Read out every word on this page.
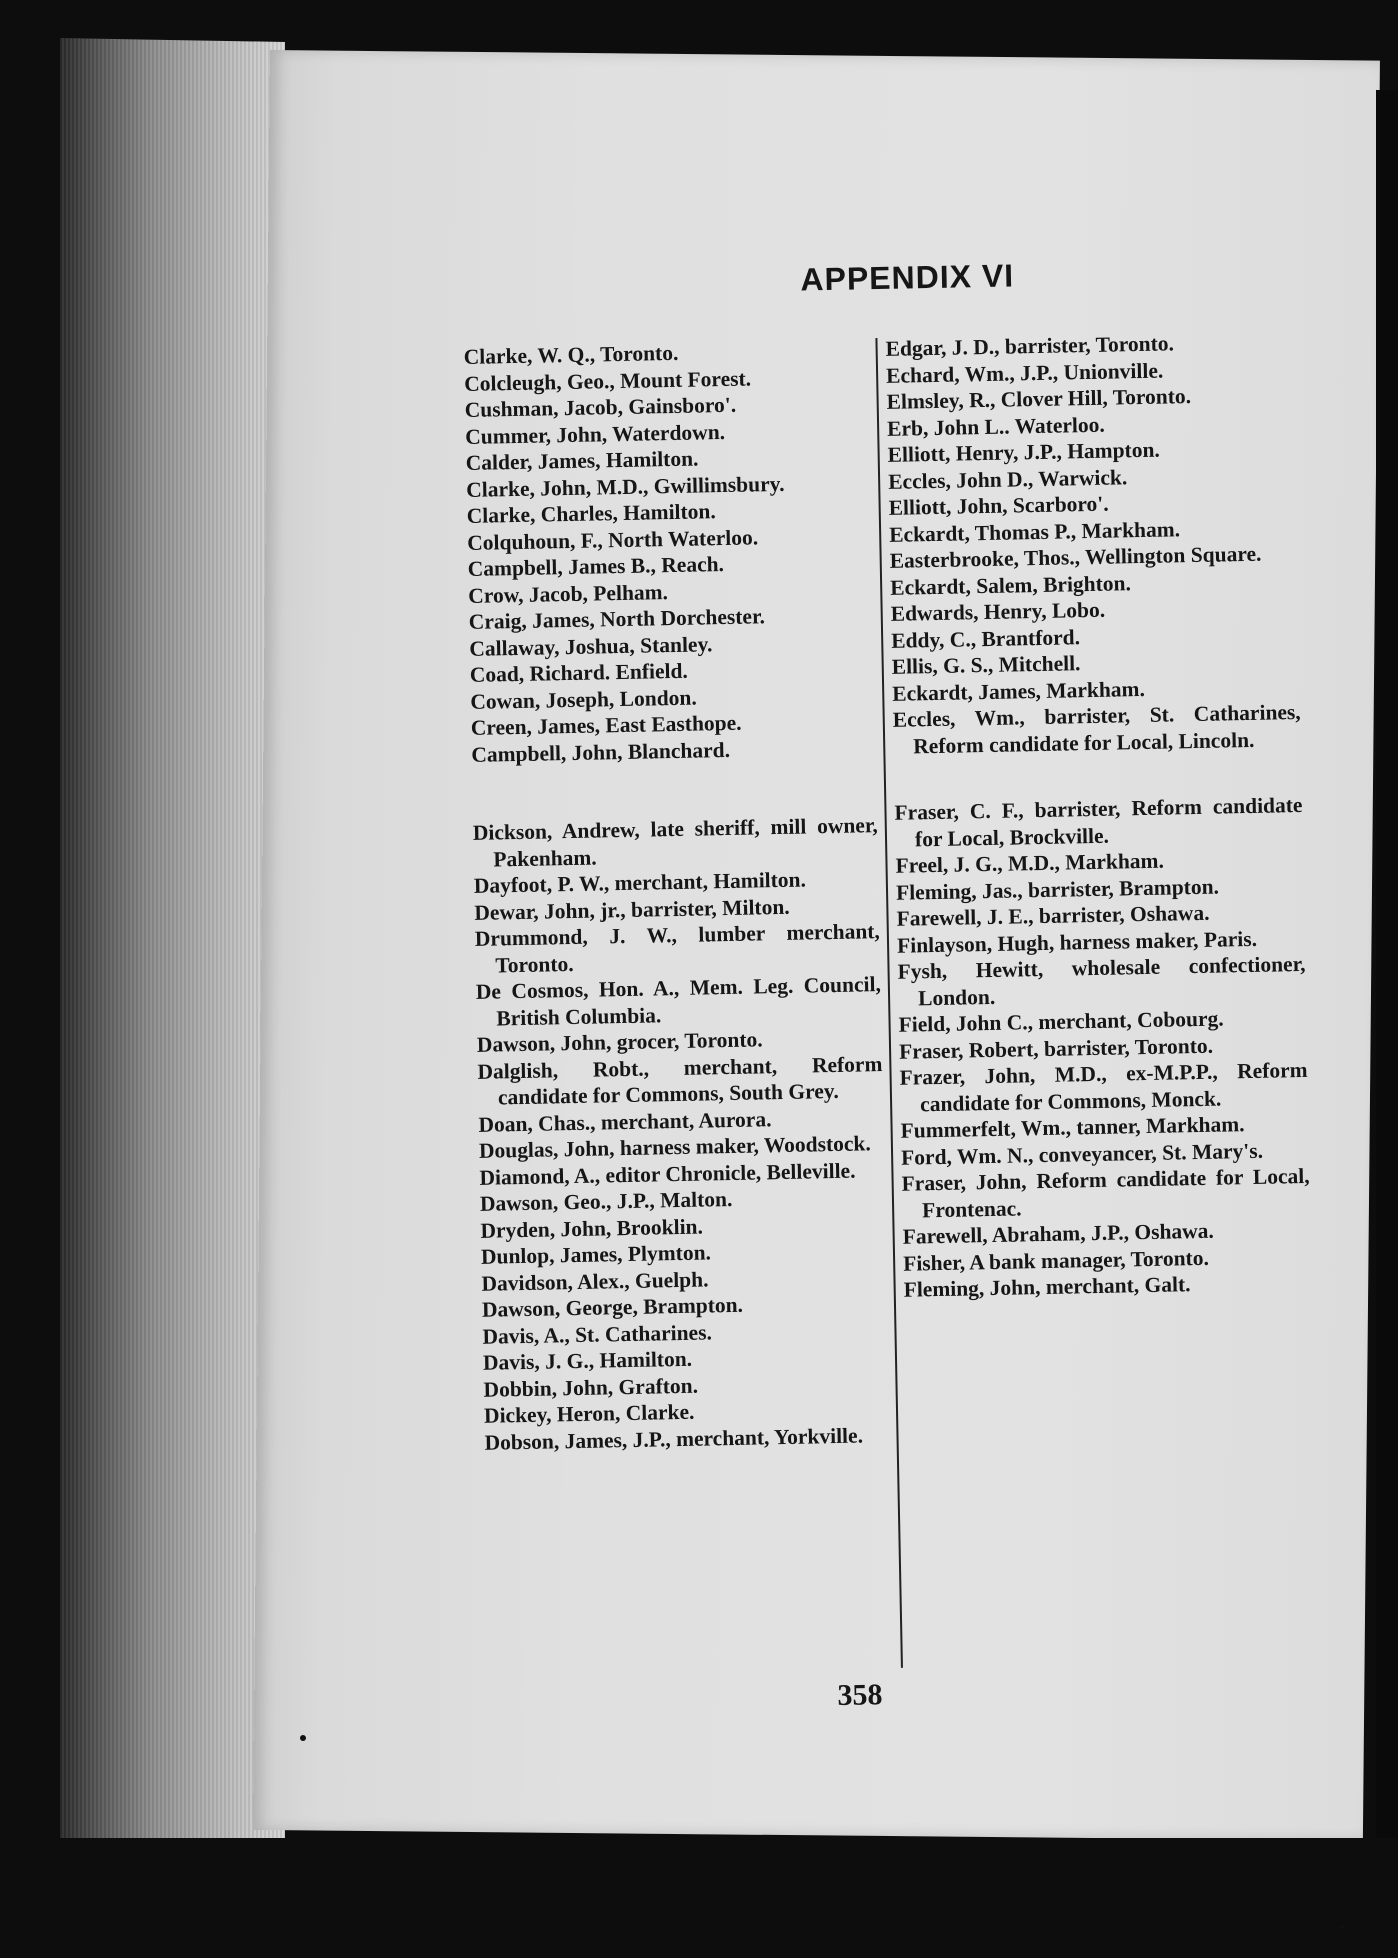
APPENDIX VI
Clarke, W. Q., Toronto.
Colcleugh, Geo., Mount Forest.
Cushman, Jacob, Gainsboro'.
Cummer, John, Waterdown.
Calder, James, Hamilton.
Clarke, John, M.D., Gwillimsbury.
Clarke, Charles, Hamilton.
Colquhoun, F., North Waterloo.
Campbell, James B., Reach.
Crow, Jacob, Pelham.
Craig, James, North Dorchester.
Callaway, Joshua, Stanley.
Coad, Richard. Enfield.
Cowan, Joseph, London.
Creen, James, East Easthope.
Campbell, John, Blanchard.
Dickson, Andrew, late sheriff, mill owner, Pakenham.
Dayfoot, P. W., merchant, Hamilton.
Dewar, John, jr., barrister, Milton.
Drummond, J. W., lumber merchant, Toronto.
De Cosmos, Hon. A., Mem. Leg. Council, British Columbia.
Dawson, John, grocer, Toronto.
Dalglish, Robt., merchant, Reform candidate for Commons, South Grey.
Doan, Chas., merchant, Aurora.
Douglas, John, harness maker, Woodstock.
Diamond, A., editor Chronicle, Belleville.
Dawson, Geo., J.P., Malton.
Dryden, John, Brooklin.
Dunlop, James, Plymton.
Davidson, Alex., Guelph.
Dawson, George, Brampton.
Davis, A., St. Catharines.
Davis, J. G., Hamilton.
Dobbin, John, Grafton.
Dickey, Heron, Clarke.
Dobson, James, J.P., merchant, Yorkville.
Edgar, J. D., barrister, Toronto.
Echard, Wm., J.P., Unionville.
Elmsley, R., Clover Hill, Toronto.
Erb, John L.. Waterloo.
Elliott, Henry, J.P., Hampton.
Eccles, John D., Warwick.
Elliott, John, Scarboro'.
Eckardt, Thomas P., Markham.
Easterbrooke, Thos., Wellington Square.
Eckardt, Salem, Brighton.
Edwards, Henry, Lobo.
Eddy, C., Brantford.
Ellis, G. S., Mitchell.
Eckardt, James, Markham.
Eccles, Wm., barrister, St. Catharines, Reform candidate for Local, Lincoln.
Fraser, C. F., barrister, Reform candidate for Local, Brockville.
Freel, J. G., M.D., Markham.
Fleming, Jas., barrister, Brampton.
Farewell, J. E., barrister, Oshawa.
Finlayson, Hugh, harness maker, Paris.
Fysh, Hewitt, wholesale confectioner, London.
Field, John C., merchant, Cobourg.
Fraser, Robert, barrister, Toronto.
Frazer, John, M.D., ex-M.P.P., Reform candidate for Commons, Monck.
Fummerfelt, Wm., tanner, Markham.
Ford, Wm. N., conveyancer, St. Mary's.
Fraser, John, Reform candidate for Local, Frontenac.
Farewell, Abraham, J.P., Oshawa.
Fisher, A bank manager, Toronto.
Fleming, John, merchant, Galt.
358
